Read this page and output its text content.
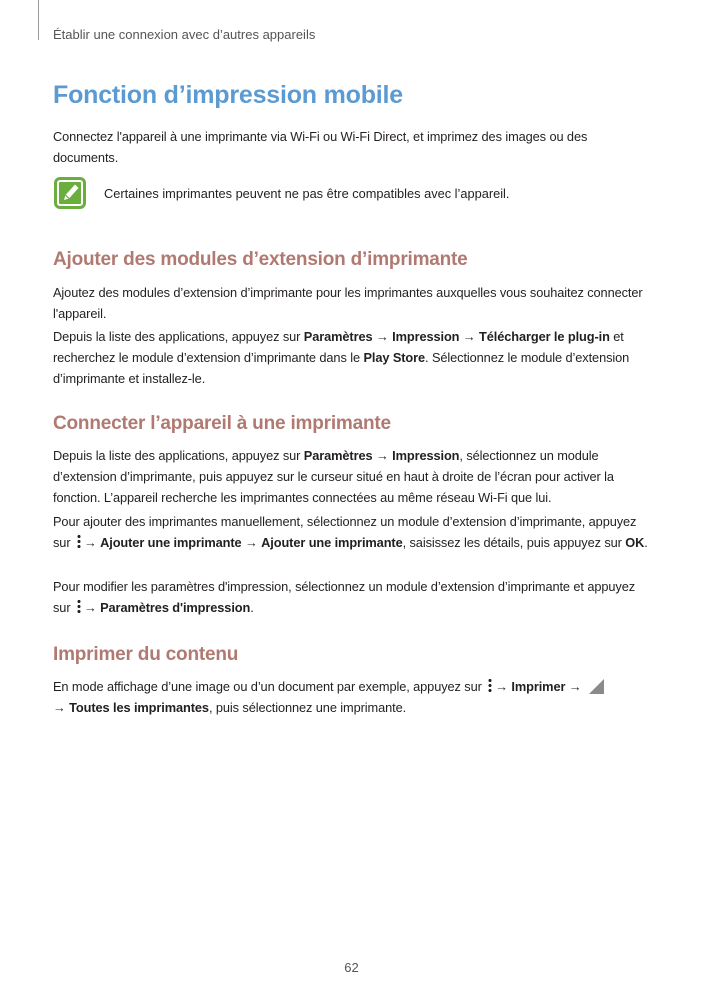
Établir une connexion avec d’autres appareils
Fonction d’impression mobile

Connectez l'appareil à une imprimante via Wi-Fi ou Wi-Fi Direct, et imprimez des images ou des documents.

Certaines imprimantes peuvent ne pas être compatibles avec l’appareil.
Ajouter des modules d’extension d’imprimante

Ajoutez des modules d’extension d’imprimante pour les imprimantes auxquelles vous souhaitez connecter l'appareil.

Depuis la liste des applications, appuyez sur Paramètres → Impression → Télécharger le plug-in et recherchez le module d’extension d’imprimante dans le Play Store. Sélectionnez le module d’extension d’imprimante et installez-le.

Connecter l’appareil à une imprimante

Depuis la liste des applications, appuyez sur Paramètres → Impression, sélectionnez un module d’extension d’imprimante, puis appuyez sur le curseur situé en haut à droite de l’écran pour activer la fonction. L’appareil recherche les imprimantes connectées au même réseau Wi-Fi que lui.

Pour ajouter des imprimantes manuellement, sélectionnez un module d’extension d’imprimante, appuyez sur → Ajouter une imprimante → Ajouter une imprimante, saisissez les détails, puis appuyez sur OK.

Pour modifier les paramètres d'impression, sélectionnez un module d’extension d’imprimante et appuyez sur → Paramètres d'impression.

Imprimer du contenu

En mode affichage d’une image ou d’un document par exemple, appuyez sur → Imprimer →
→ Toutes les imprimantes, puis sélectionnez une imprimante.

62
